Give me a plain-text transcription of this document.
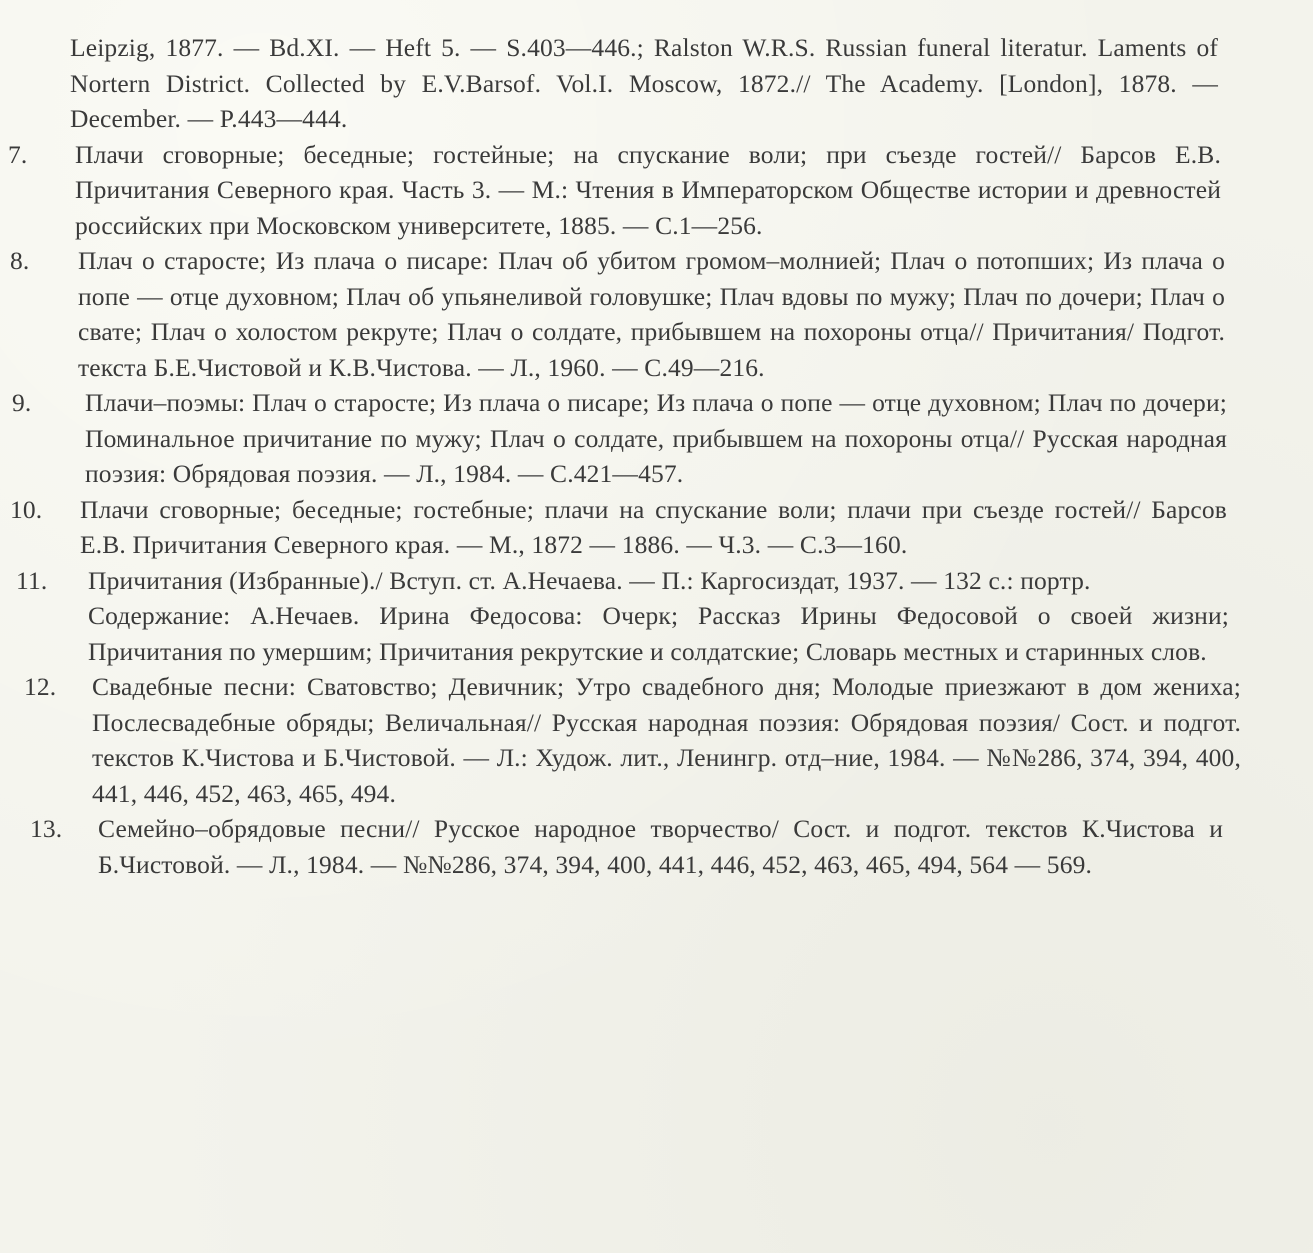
Leipzig, 1877. — Bd.XI. — Heft 5. — S.403—446.; Ralston W.R.S. Russian funeral literatur. Laments of Nortern District. Collected by E.V.Barsof. Vol.I. Moscow, 1872.// The Academy. [London], 1878. — December. — P.443—444.

7.	Плачи сговорные; беседные; гостейные; на спускание воли; при съезде гостей// Барсов Е.В. Причитания Северного края. Часть 3. — М.: Чтения в Императорском Обществе истории и древностей российских при Московском университете, 1885. — С.1—256.

8.	Плач о старосте; Из плача о писаре: Плач об убитом громом–молнией; Плач о потопших; Из плача о попе — отце духовном; Плач об упьянеливой головушке; Плач вдовы по мужу; Плач по дочери; Плач о свате; Плач о холостом рекруте; Плач о солдате, прибывшем на похороны отца// Причитания/ Подгот. текста Б.Е.Чистовой и К.В.Чистова. — Л., 1960. — С.49—216.

9.	Плачи–поэмы: Плач о старосте; Из плача о писаре; Из плача о попе — отце духовном; Плач по дочери; Поминальное причитание по мужу; Плач о солдате, прибывшем на похороны отца// Русская народная поэзия: Обрядовая поэзия. — Л., 1984. — С.421—457.

10.	Плачи сговорные; беседные; гостебные; плачи на спускание воли; плачи при съезде гостей// Барсов Е.В. Причитания Северного края. — М., 1872 — 1886. — Ч.3. — С.3—160.

11.	Причитания (Избранные)./ Вступ. ст. А.Нечаева. — П.: Каргосиздат, 1937. — 132 с.: портр.
Содержание: А.Нечаев. Ирина Федосова: Очерк; Рассказ Ирины Федосовой о своей жизни; Причитания по умершим; Причитания рекрутские и солдатские; Словарь местных и старинных слов.

12.	Свадебные песни: Сватовство; Девичник; Утро свадебного дня; Молодые приезжают в дом жениха; Послесвадебные обряды; Величальная// Русская народная поэзия: Обрядовая поэзия/ Сост. и подгот. текстов К.Чистова и Б.Чистовой. — Л.: Худож. лит., Ленингр. отд–ние, 1984. — №№286, 374, 394, 400, 441, 446, 452, 463, 465, 494.

13.	Семейно–обрядовые песни// Русское народное творчество/ Сост. и подгот. текстов К.Чистова и Б.Чистовой. — Л., 1984. — №№286, 374, 394, 400, 441, 446, 452, 463, 465, 494, 564 — 569.
